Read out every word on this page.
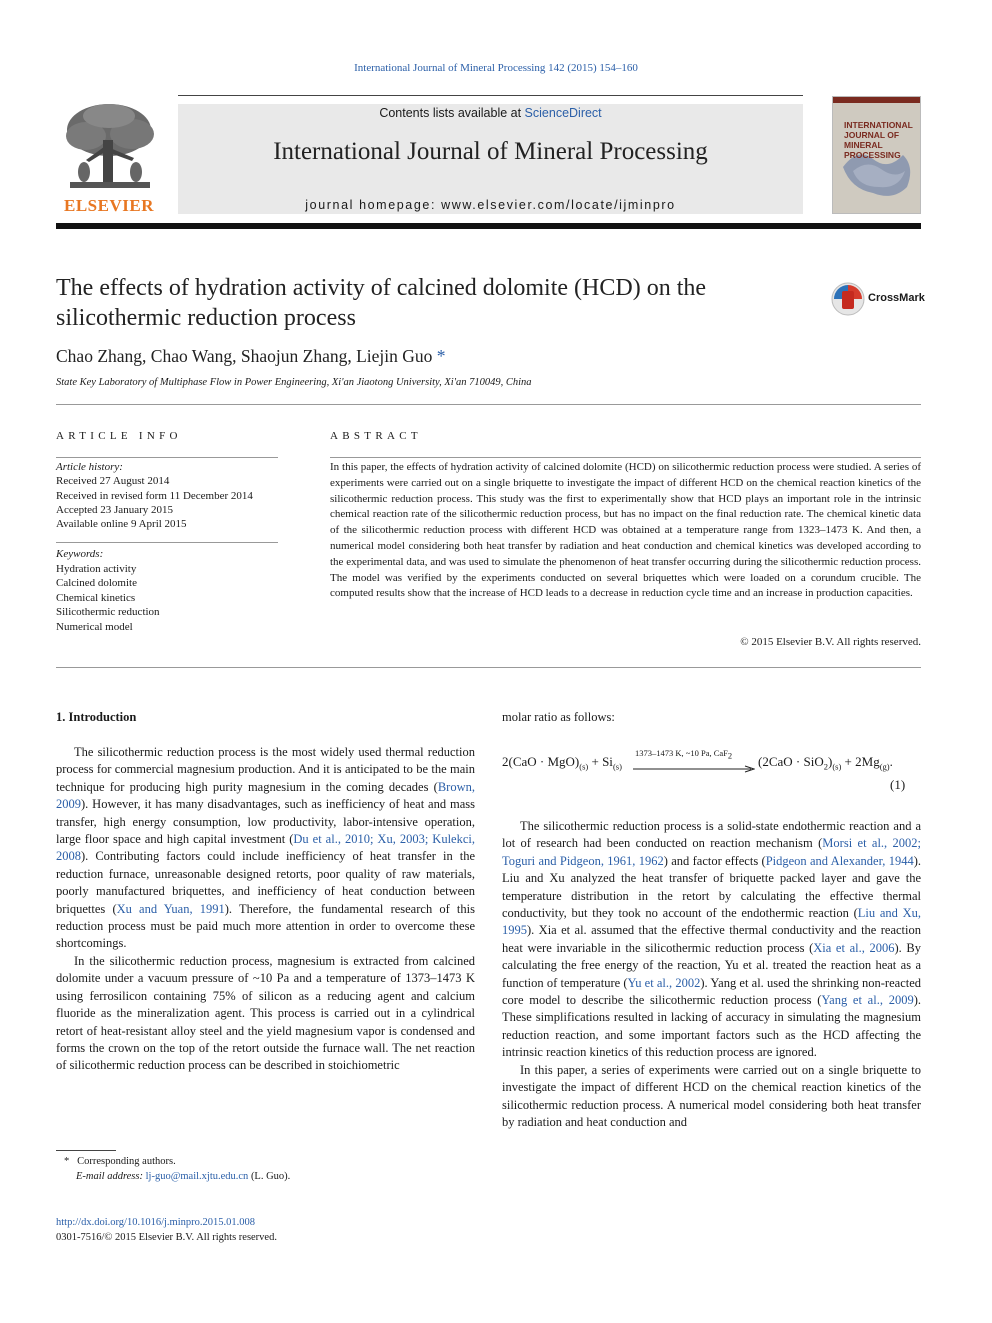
International Journal of Mineral Processing 142 (2015) 154–160
ELSEVIER
Contents lists available at ScienceDirect
International Journal of Mineral Processing
journal homepage: www.elsevier.com/locate/ijminpro
INTERNATIONAL JOURNAL OF MINERAL PROCESSING
The effects of hydration activity of calcined dolomite (HCD) on the silicothermic reduction process
CrossMark
Chao Zhang, Chao Wang, Shaojun Zhang, Liejin Guo *
State Key Laboratory of Multiphase Flow in Power Engineering, Xi'an Jiaotong University, Xi'an 710049, China
ARTICLE INFO
Article history:
Received 27 August 2014
Received in revised form 11 December 2014
Accepted 23 January 2015
Available online 9 April 2015
Keywords:
Hydration activity
Calcined dolomite
Chemical kinetics
Silicothermic reduction
Numerical model
ABSTRACT
In this paper, the effects of hydration activity of calcined dolomite (HCD) on silicothermic reduction process were studied. A series of experiments were carried out on a single briquette to investigate the impact of different HCD on the chemical reaction kinetics of the silicothermic reduction process. This study was the first to experimentally show that HCD plays an important role in the intrinsic chemical reaction rate of the silicothermic reduction process, but has no impact on the final reduction rate. The chemical kinetic data of the silicothermic reduction process with different HCD was obtained at a temperature range from 1323–1473 K. And then, a numerical model considering both heat transfer by radiation and heat conduction and chemical kinetics was developed according to the experimental data, and was used to simulate the phenomenon of heat transfer occurring during the silicothermic reduction process. The model was verified by the experiments conducted on several briquettes which were loaded on a corundum crucible. The computed results show that the increase of HCD leads to a decrease in reduction cycle time and an increase in production capacities.
© 2015 Elsevier B.V. All rights reserved.
1. Introduction

The silicothermic reduction process is the most widely used thermal reduction process for commercial magnesium production. And it is anticipated to be the main technique for producing high purity magnesium in the coming decades (Brown, 2009). However, it has many disadvantages, such as inefficiency of heat and mass transfer, high energy consumption, low productivity, labor-intensive operation, large floor space and high capital investment (Du et al., 2010; Xu, 2003; Kulekci, 2008). Contributing factors could include inefficiency of heat transfer in the reduction furnace, unreasonable designed retorts, poor quality of raw materials, poorly manufactured briquettes, and inefficiency of heat conduction between briquettes (Xu and Yuan, 1991). Therefore, the fundamental research of this reduction process must be paid much more attention in order to overcome these shortcomings.

In the silicothermic reduction process, magnesium is extracted from calcined dolomite under a vacuum pressure of ~10 Pa and a temperature of 1373–1473 K using ferrosilicon containing 75% of silicon as a reducing agent and calcium fluoride as the mineralization agent. This process is carried out in a cylindrical retort of heat-resistant alloy steel and the yield magnesium vapor is condensed and forms the crown on the top of the retort outside the furnace wall. The net reaction of silicothermic reduction process can be described in stoichiometric

molar ratio as follows:
$2(CaO \cdot MgO)_{(s)} + Si_{(s)}$
1373–1473 K, ~10 Pa, CaF$_2$ $(2CaO \cdot SiO_2)_{(s)} + 2Mg_{(g)}$.
(1)

The silicothermic reduction process is a solid-state endothermic reaction and a lot of research had been conducted on reaction mechanism (Morsi et al., 2002; Toguri and Pidgeon, 1961, 1962) and factor effects (Pidgeon and Alexander, 1944). Liu and Xu analyzed the heat transfer of briquette packed layer and gave the temperature distribution in the retort by calculating the effective thermal conductivity, but they took no account of the endothermic reaction (Liu and Xu, 1995). Xia et al. assumed that the effective thermal conductivity and the reaction heat were invariable in the silicothermic reduction process (Xia et al., 2006). By calculating the free energy of the reaction, Yu et al. treated the reaction heat as a function of temperature (Yu et al., 2002). Yang et al. used the shrinking non-reacted core model to describe the silicothermic reduction process (Yang et al., 2009). These simplifications resulted in lacking of accuracy in simulating the magnesium reduction reaction, and some important factors such as the HCD affecting the intrinsic reaction kinetics of this reduction process are ignored.

In this paper, a series of experiments were carried out on a single briquette to investigate the impact of different HCD on the chemical reaction kinetics of the silicothermic reduction process. A numerical model considering both heat transfer by radiation and heat conduction and

* Corresponding authors.
E-mail address: lj-guo@mail.xjtu.edu.cn (L. Guo).
http://dx.doi.org/10.1016/j.minpro.2015.01.008
0301-7516/© 2015 Elsevier B.V. All rights reserved.
